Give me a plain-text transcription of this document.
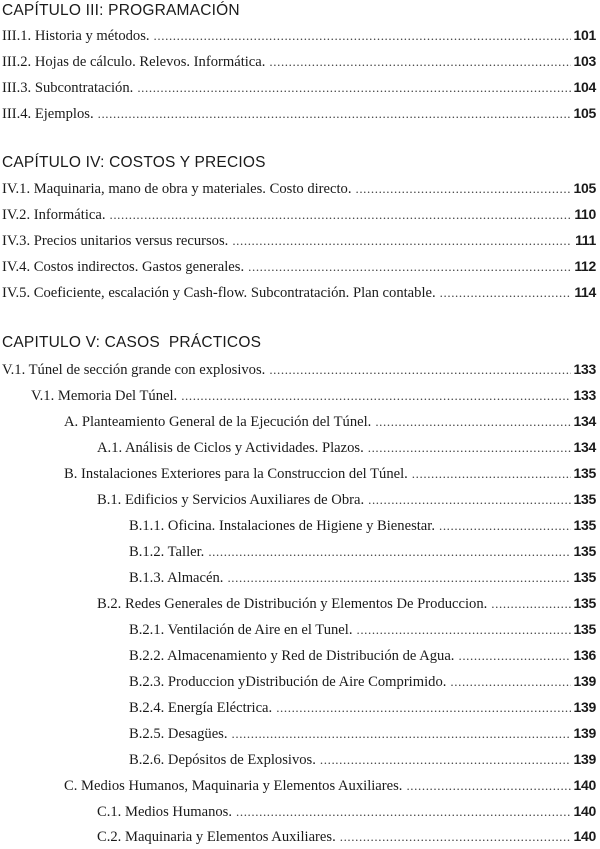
CAPÍTULO III: PROGRAMACIÓN
III.1. Historia y métodos. .....	101
III.2. Hojas de cálculo. Relevos. Informática. .....	103
III.3. Subcontratación. .....	104
III.4. Ejemplos. .....	105
CAPÍTULO IV: COSTOS Y PRECIOS
IV.1. Maquinaria, mano de obra y materiales. Costo directo. .....	105
IV.2. Informática. .....	110
IV.3. Precios unitarios versus recursos. .....	111
IV.4. Costos indirectos. Gastos generales. .....	112
IV.5. Coeficiente, escalación y Cash-flow. Subcontratación. Plan contable. .....	114
CAPITULO V: CASOS  PRÁCTICOS
V.1. Túnel de sección grande con explosivos. .....	133
V.1. Memoria Del Túnel. .....	133
A. Planteamiento General de la Ejecución del Túnel. .....	134
A.1. Análisis de Ciclos y Actividades. Plazos. .....	134
B. Instalaciones Exteriores para la Construccion del Túnel. .....	135
B.1. Edificios y Servicios Auxiliares de Obra. .....	135
B.1.1. Oficina. Instalaciones de Higiene y Bienestar. .....	135
B.1.2. Taller. .....	135
B.1.3. Almacén. .....	135
B.2. Redes Generales de Distribución y Elementos De Produccion. .....	135
B.2.1. Ventilación de Aire en el Tunel. .....	135
B.2.2. Almacenamiento y Red de Distribución de Agua. .....	136
B.2.3. Produccion yDistribución de Aire Comprimido. .....	139
B.2.4. Energía Eléctrica. .....	139
B.2.5. Desagües. .....	139
B.2.6. Depósitos de Explosivos. .....	139
C. Medios Humanos, Maquinaria y Elementos Auxiliares. .....	140
C.1. Medios Humanos. .....	140
C.2. Maquinaria y Elementos Auxiliares. .....	140
